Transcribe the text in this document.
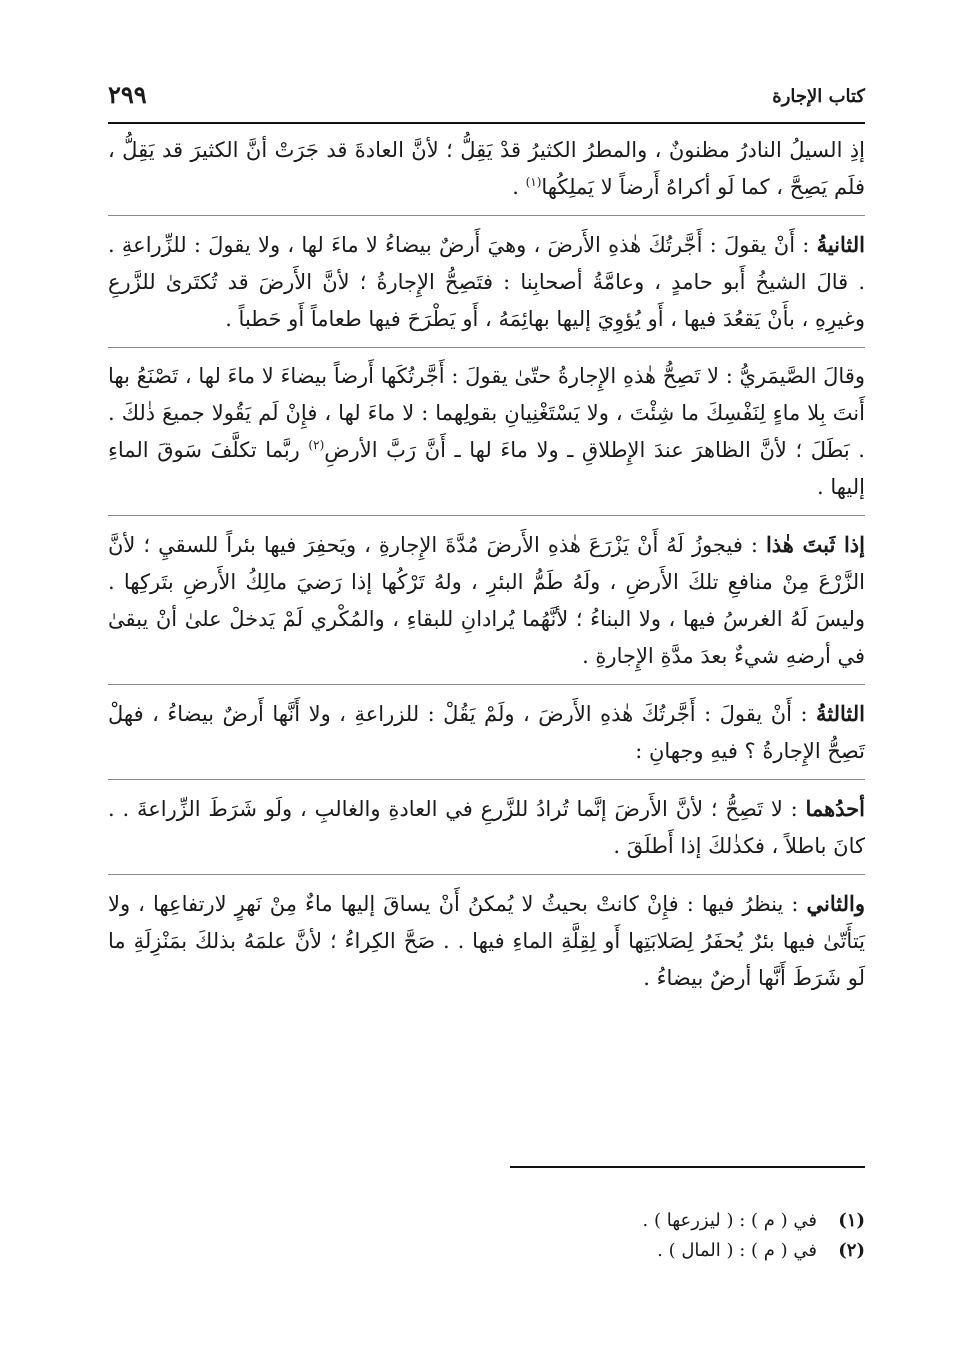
كتاب الإجارة
٢٩٩

إذِ السيلُ النادرُ مظنونٌ ، والمطرُ الكثيرُ قدْ يَقِلُّ ؛ لأنَّ العادةَ قد جَرَتْ أنَّ الكثيرَ قد يَقِلُّ ، فلَم يَصِحَّ ، كما لَو أكراهُ أَرضاً لا يَملِكُها$^{(١)}$ .

الثانيةُ : أَنْ يقولَ : أَجَّرتُكَ هٰذهِ الأَرضَ ، وهيَ أَرضٌ بيضاءُ لا ماءَ لها ، ولا يقولَ : للزِّراعةِ . . قالَ الشيخُ أَبو حامدٍ ، وعامَّةُ أصحابِنا : فتَصِحُّ الإِجارةُ ؛ لأنَّ الأَرضَ قد تُكتَرىٰ للزَّرعِ وغيرِهِ ، بأَنْ يَقعُدَ فيها ، أَو يُؤوِيَ إليها بهائِمَهُ ، أَو يَطْرَحَ فيها طعاماً أَو حَطباً .

وقالَ الصَّيمَريُّ : لا تَصِحُّ هٰذهِ الإِجارةُ حتّىٰ يقولَ : أَجَّرتُكَها أَرضاً بيضاءَ لا ماءَ لها ، تَصْنَعُ بها أَنتَ بِلا ماءٍ لِنَفْسِكَ ما شِئْتَ ، ولا يَسْتَغْنِيانِ بقولِهما : لا ماءَ لها ، فإِنْ لَم يَقُولا جميعَ ذٰلكَ . . بَطَلَ ؛ لأنَّ الظاهرَ عندَ الإِطلاقِ ـ ولا ماءَ لها ـ أَنَّ رَبَّ الأرضِ$^{(٢)}$ ربَّما تكلَّفَ سَوقَ الماءِ إليها .

إذا ثَبتَ هٰذا : فيجوزُ لَهُ أَنْ يَزْرَعَ هٰذهِ الأَرضَ مُدَّةَ الإِجارةِ ، ويَحفِرَ فيها بئراً للسقيِ ؛ لأنَّ الزَّرْعَ مِنْ منافعِ تلكَ الأَرضِ ، ولَهُ طَمُّ البئرِ ، ولهُ تَرْكُها إذا رَضيَ مالِكُ الأَرضِ بتَركِها . وليسَ لَهُ الغرسُ فيها ، ولا البناءُ ؛ لأنَّهُما يُرادانِ للبقاءِ ، والمُكْري لَمْ يَدخلْ علىٰ أنْ يبقىٰ في أرضهِ شيءٌ بعدَ مدَّةِ الإِجارةِ .

الثالثةُ : أَنْ يقولَ : أَجَّرتُكَ هٰذهِ الأَرضَ ، ولَمْ يَقُلْ : للزراعةِ ، ولا أَنَّها أَرضٌ بيضاءُ ، فهلْ تَصِحُّ الإِجارةُ ؟ فيهِ وجهانِ :

أحدُهما : لا تَصِحُّ ؛ لأنَّ الأَرضَ إنَّما تُرادُ للزَّرعِ في العادةِ والغالبِ ، ولَو شَرَطَ الزِّراعةَ . . كانَ باطلاً ، فكذٰلكَ إذا أَطلَقَ .

والثاني : ينظرُ فيها : فإِنْ كانتْ بحيثُ لا يُمكنُ أَنْ يساقَ إليها ماءٌ مِنْ نَهرٍ لارتفاعِها ، ولا يَتأَتّىٰ فيها بئرٌ يُحفَرُ لِصَلابَتِها أَو لِقِلَّةِ الماءِ فيها . . صَحَّ الكِراءُ ؛ لأنَّ علمَهُ بذلكَ بمَنْزِلَةِ ما لَو شَرَطَ أَنَّها أرضٌ بيضاءُ .

(١)
في ( م ) : ( ليزرعها ) .
(٢)
في ( م ) : ( المال ) .
